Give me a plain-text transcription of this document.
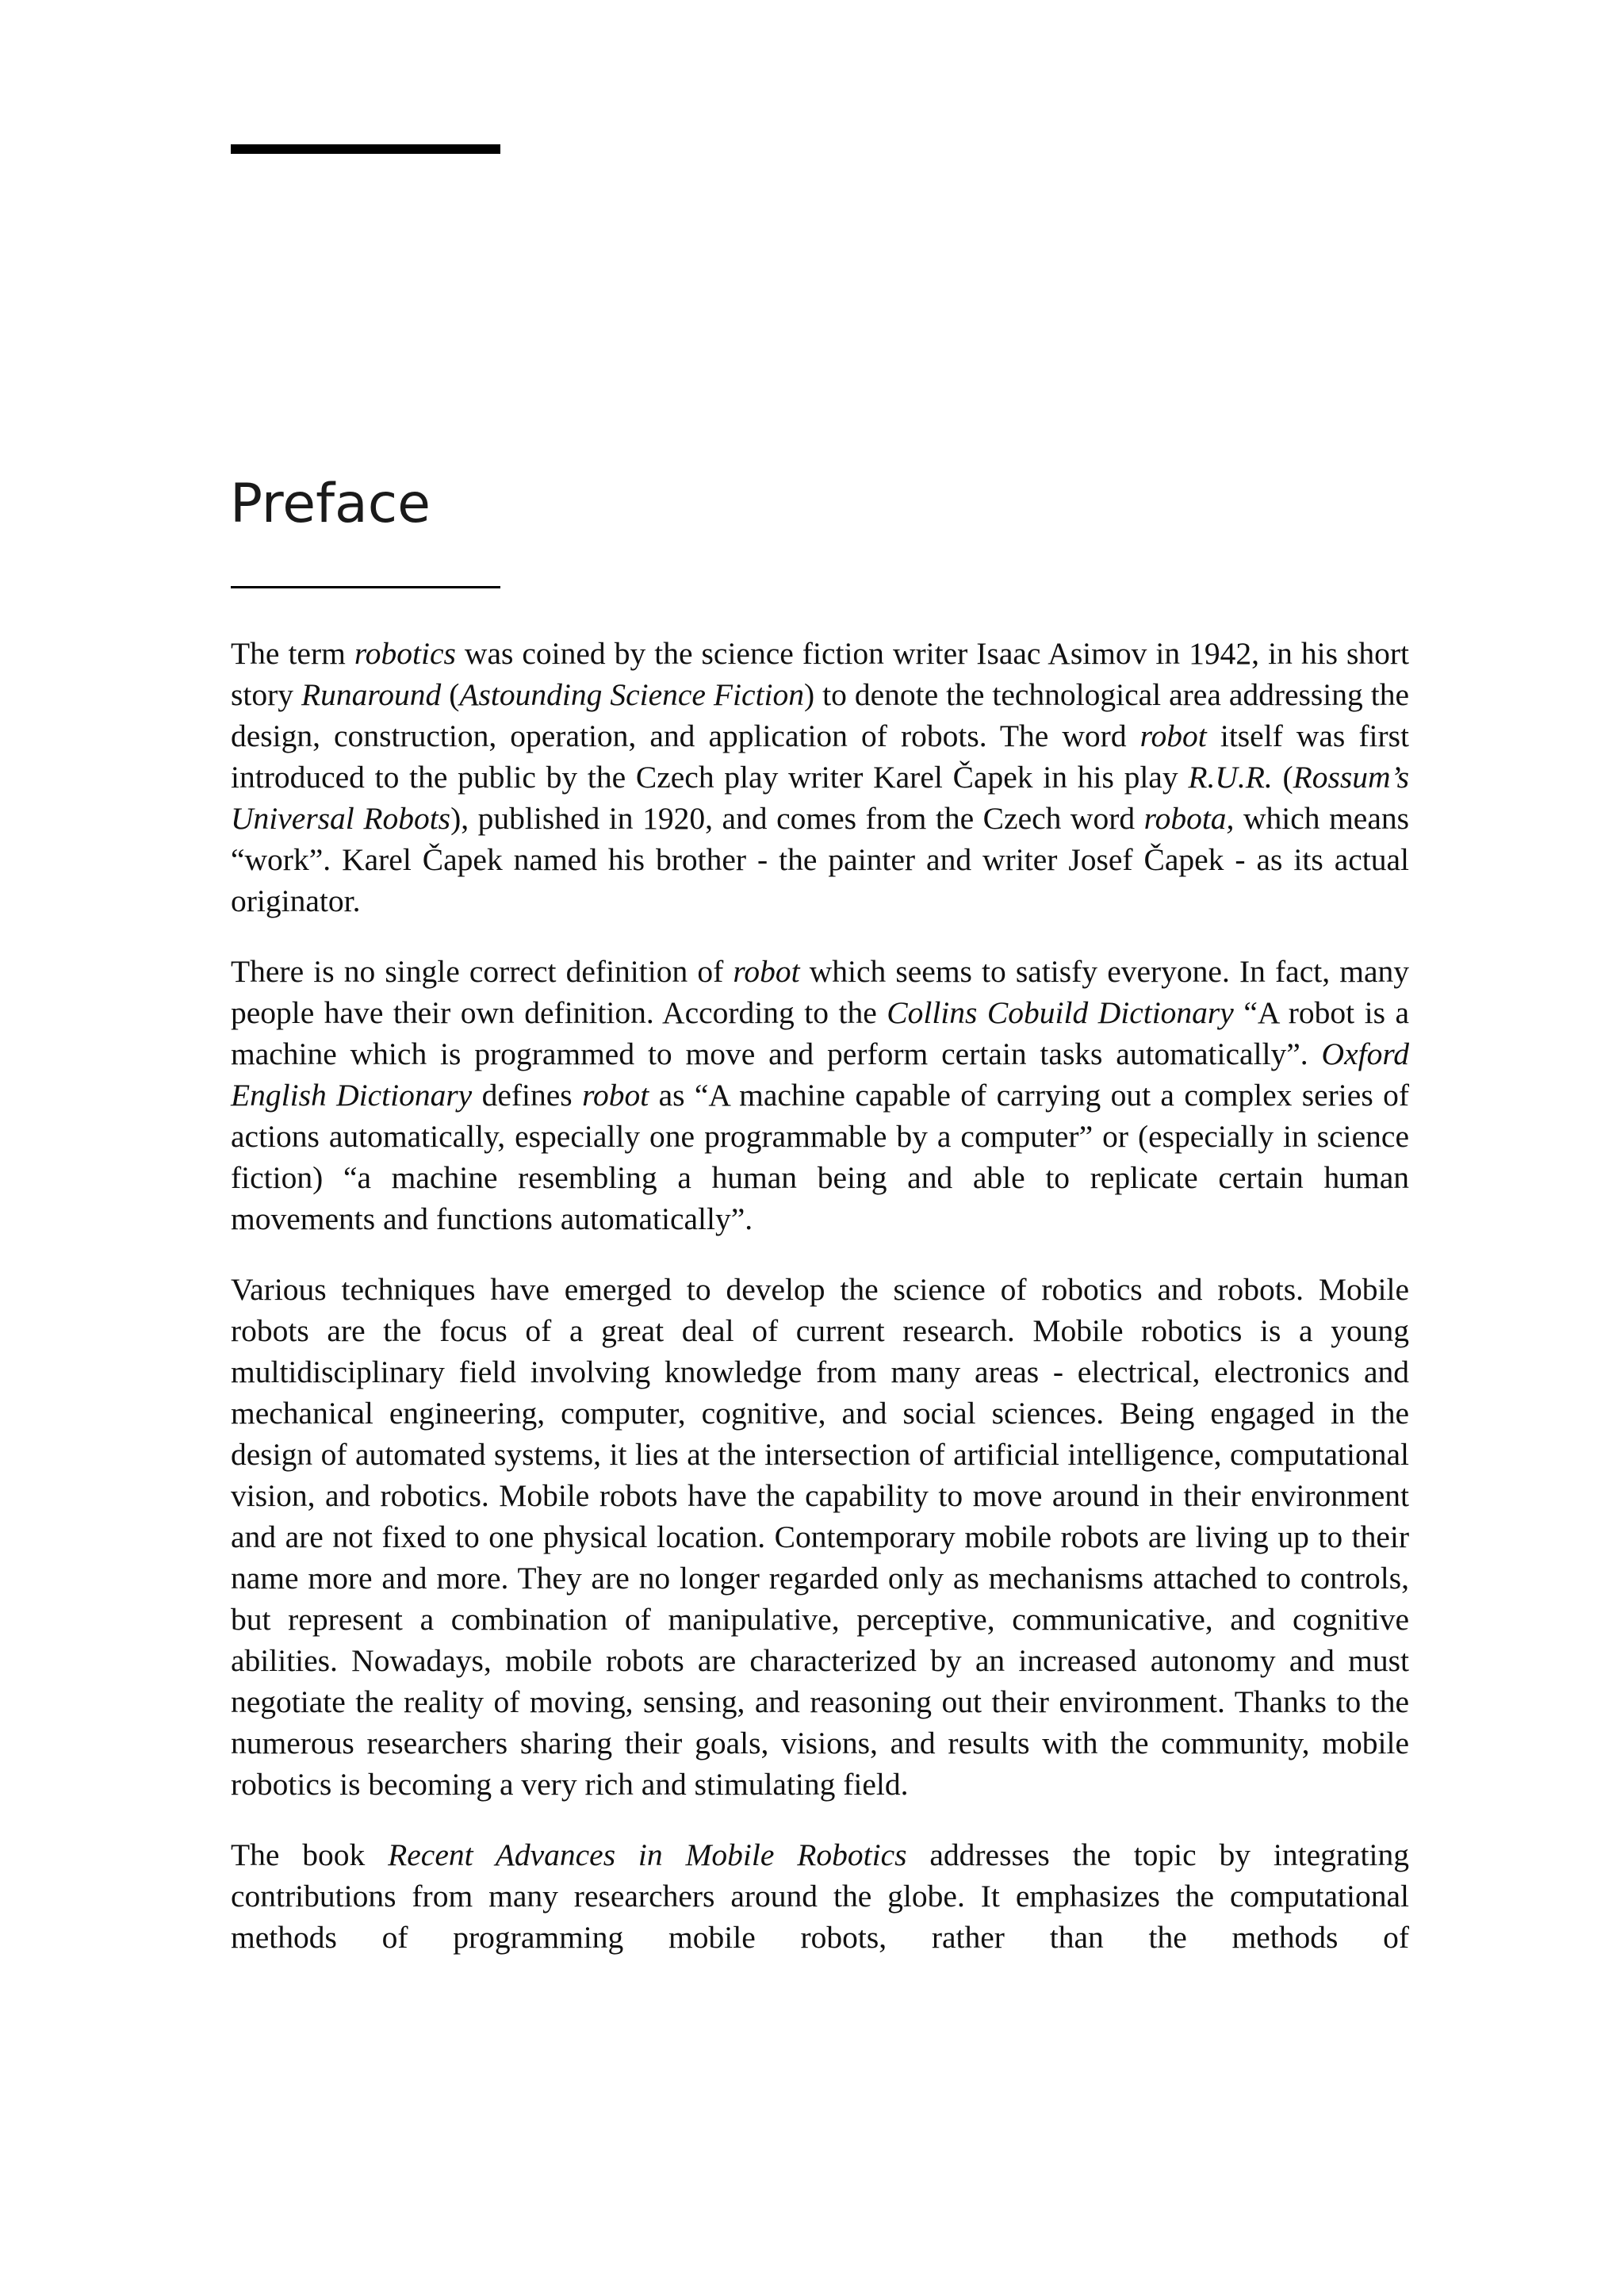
Preface

The term robotics was coined by the science fiction writer Isaac Asimov in 1942, in his short story Runaround (Astounding Science Fiction) to denote the technological area addressing the design, construction, operation, and application of robots. The word robot itself was first introduced to the public by the Czech play writer Karel Čapek in his play R.U.R. (Rossum’s Universal Robots), published in 1920, and comes from the Czech word robota, which means “work”. Karel Čapek named his brother - the painter and writer Josef Čapek - as its actual originator.

There is no single correct definition of robot which seems to satisfy everyone. In fact, many people have their own definition. According to the Collins Cobuild Dictionary “A robot is a machine which is programmed to move and perform certain tasks automatically”. Oxford English Dictionary defines robot as “A machine capable of carrying out a complex series of actions automatically, especially one programmable by a computer” or (especially in science fiction) “a machine resembling a human being and able to replicate certain human movements and functions automatically”.

Various techniques have emerged to develop the science of robotics and robots. Mobile robots are the focus of a great deal of current research. Mobile robotics is a young multidisciplinary field involving knowledge from many areas - electrical, electronics and mechanical engineering, computer, cognitive, and social sciences. Being engaged in the design of automated systems, it lies at the intersection of artificial intelligence, computational vision, and robotics. Mobile robots have the capability to move around in their environment and are not fixed to one physical location. Contemporary mobile robots are living up to their name more and more. They are no longer regarded only as mechanisms attached to controls, but represent a combination of manipulative, perceptive, communicative, and cognitive abilities. Nowadays, mobile robots are characterized by an increased autonomy and must negotiate the reality of moving, sensing, and reasoning out their environment. Thanks to the numerous researchers sharing their goals, visions, and results with the community, mobile robotics is becoming a very rich and stimulating field.

The book Recent Advances in Mobile Robotics addresses the topic by integrating contributions from many researchers around the globe. It emphasizes the computational methods of programming mobile robots, rather than the methods of
